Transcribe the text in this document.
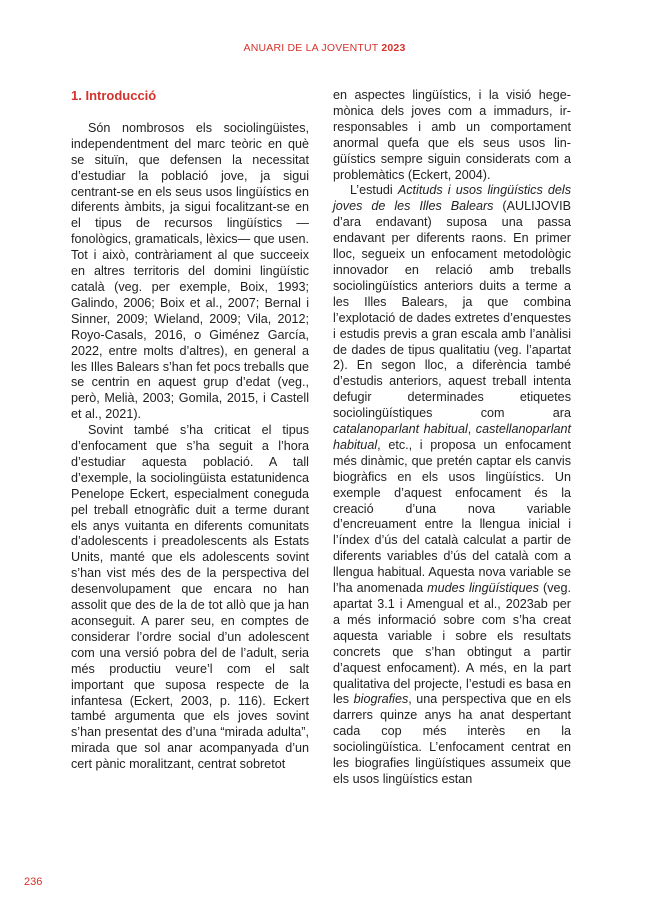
ANUARI DE LA JOVENTUT 2023
1. Introducció

Són nombrosos els sociolingüistes, independentment del marc teòric en què se situïn, que defensen la necessitat d’estudiar la població jove, ja sigui centrant-se en els seus usos lingüístics en diferents àmbits, ja sigui focalitzant-se en el tipus de recursos lingüístics —fonològics, gramaticals, lèxics— que usen. Tot i això, contràriament al que succeeix en altres territoris del domini lingüístic català (veg. per exemple, Boix, 1993; Galindo, 2006; Boix et al., 2007; Bernal i Sinner, 2009; Wieland, 2009; Vila, 2012; Royo-Casals, 2016, o Giménez García, 2022, entre molts d’altres), en general a les Illes Balears s’han fet pocs treballs que se centrin en aquest grup d’edat (veg., però, Melià, 2003; Gomila, 2015, i Castell et al., 2021).

Sovint també s’ha criticat el tipus d’enfocament que s’ha seguit a l’hora d’estudiar aquesta població. A tall d’exemple, la sociolingüista estatunidenca Penelope Eckert, especialment coneguda pel treball etnogràfic duit a terme durant els anys vuitanta en diferents comunitats d’adolescents i preadolescents als Estats Units, manté que els adolescents sovint s’han vist més des de la perspectiva del desenvolupament que encara no han assolit que des de la de tot allò que ja han aconseguit. A parer seu, en comptes de considerar l’ordre social d’un adolescent com una versió pobra del de l’adult, seria més productiu veure’l com el salt important que suposa respecte de la infantesa (Eckert, 2003, p. 116). Eckert també argumenta que els joves sovint s’han presentat des d’una “mirada adulta”, mirada que sol anar acompanyada d’un cert pànic moralitzant, centrat sobretot

en aspectes lingüístics, i la visió hegemònica dels joves com a immadurs, irresponsables i amb un comportament anormal quefa que els seus usos lingüístics sempre siguin considerats com a problemàtics (Eckert, 2004).

L’estudi Actituds i usos lingüístics dels joves de les Illes Balears (AULIJOVIB d’ara endavant) suposa una passa endavant per diferents raons. En primer lloc, segueix un enfocament metodològic innovador en relació amb treballs sociolingüístics anteriors duits a terme a les Illes Balears, ja que combina l’explotació de dades extretes d’enquestes i estudis previs a gran escala amb l’anàlisi de dades de tipus qualitatiu (veg. l’apartat 2). En segon lloc, a diferència també d’estudis anteriors, aquest treball intenta defugir determinades etiquetes sociolingüístiques com ara catalanoparlant habitual, castellanoparlant habitual, etc., i proposa un enfocament més dinàmic, que pretén captar els canvis biogràfics en els usos lingüístics. Un exemple d’aquest enfocament és la creació d’una nova variable d’encreuament entre la llengua inicial i l’índex d’ús del català calculat a partir de diferents variables d’ús del català com a llengua habitual. Aquesta nova variable se l’ha anomenada mudes lingüístiques (veg. apartat 3.1 i Amengual et al., 2023ab per a més informació sobre com s’ha creat aquesta variable i sobre els resultats concrets que s’han obtingut a partir d’aquest enfocament). A més, en la part qualitativa del projecte, l’estudi es basa en les biografies, una perspectiva que en els darrers quinze anys ha anat despertant cada cop més interès en la sociolingüística. L’enfocament centrat en les biografies lingüístiques assumeix que els usos lingüístics estan

236
